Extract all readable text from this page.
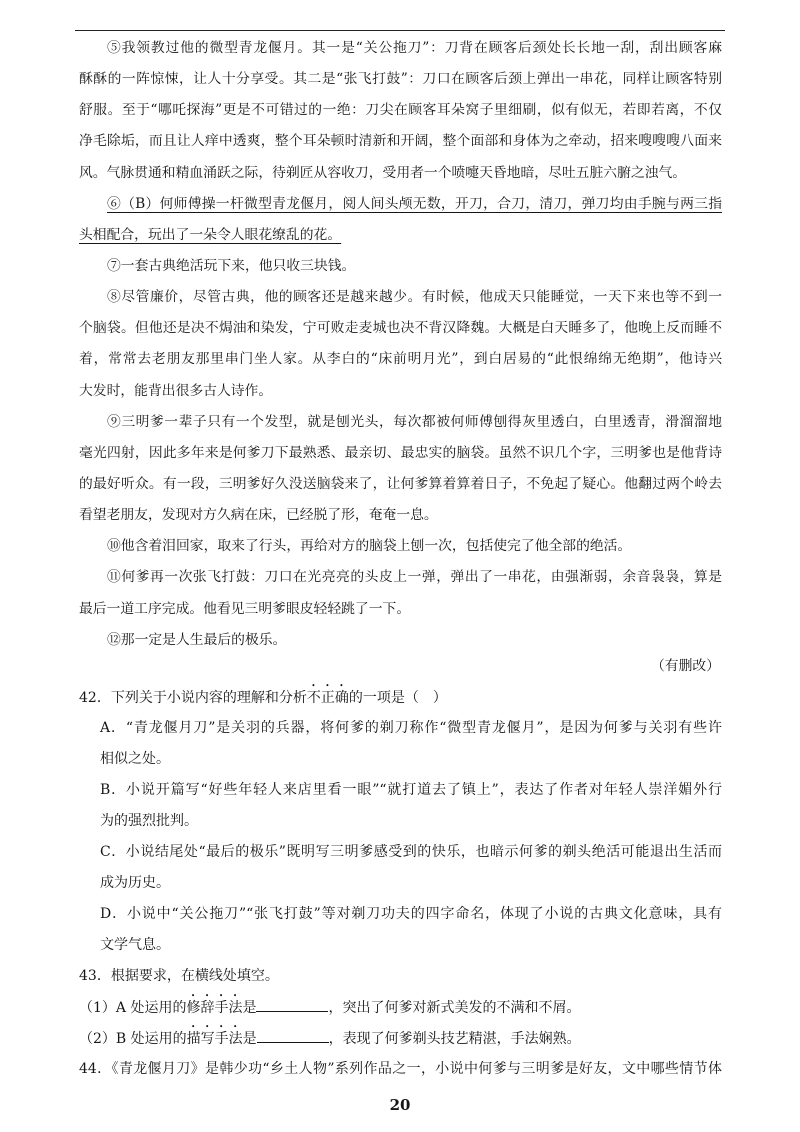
⑤我领教过他的微型青龙偃月。其一是“关公拖刀”：刀背在顾客后颈处长长地一刮，刮出顾客麻
酥酥的一阵惊悚，让人十分享受。其二是“张飞打鼓”：刀口在顾客后颈上弹出一串花，同样让顾客特别
舒服。至于“哪吒探海”更是不可错过的一绝：刀尖在顾客耳朵窝子里细刷，似有似无，若即若离，不仅
净毛除垢，而且让人痒中透爽，整个耳朵顿时清新和开阔，整个面部和身体为之牵动，招来嗖嗖嗖八面来
风。气脉贯通和精血涌跃之际，待剃匠从容收刀，受用者一个喷嚏天昏地暗，尽吐五脏六腑之浊气。
⑥（B）何师傅操一杆微型青龙偃月，阅人间头颅无数，开刀，合刀，清刀，弹刀均由手腕与两三指
头相配合，玩出了一朵令人眼花缭乱的花。
⑦一套古典绝活玩下来，他只收三块钱。
⑧尽管廉价，尽管古典，他的顾客还是越来越少。有时候，他成天只能睡觉，一天下来也等不到一
个脑袋。但他还是决不焗油和染发，宁可败走麦城也决不背汉降魏。大概是白天睡多了，他晚上反而睡不
着，常常去老朋友那里串门坐人家。从李白的“床前明月光”，到白居易的“此恨绵绵无绝期”，他诗兴
大发时，能背出很多古人诗作。
⑨三明爹一辈子只有一个发型，就是刨光头，每次都被何师傅刨得灰里透白，白里透青，滑溜溜地
毫光四射，因此多年来是何爹刀下最熟悉、最亲切、最忠实的脑袋。虽然不识几个字，三明爹也是他背诗
的最好听众。有一段，三明爹好久没送脑袋来了，让何爹算着算着日子，不免起了疑心。他翻过两个岭去
看望老朋友，发现对方久病在床，已经脱了形，奄奄一息。
⑩他含着泪回家，取来了行头，再给对方的脑袋上刨一次，包括使完了他全部的绝活。
⑪何爹再一次张飞打鼓：刀口在光亮亮的头皮上一弹，弹出了一串花，由强渐弱，余音袅袅，算是
最后一道工序完成。他看见三明爹眼皮轻轻跳了一下。
⑫那一定是人生最后的极乐。
（有删改）
42．下列关于小说内容的理解和分析不正确的一项是（　）
A．“青龙偃月刀”是关羽的兵器，将何爹的剃刀称作“微型青龙偃月”，是因为何爹与关羽有些许
相似之处。
B．小说开篇写“好些年轻人来店里看一眼”“就打道去了镇上”，表达了作者对年轻人崇洋媚外行
为的强烈批判。
C．小说结尾处“最后的极乐”既明写三明爹感受到的快乐，也暗示何爹的剃头绝活可能退出生活而
成为历史。
D．小说中“关公拖刀”“张飞打鼓”等对剃刀功夫的四字命名，体现了小说的古典文化意味，具有
文学气息。
43．根据要求，在横线处填空。
（1）A 处运用的修辞手法是	，突出了何爹对新式美发的不满和不屑。
（2）B 处运用的描写手法是	，表现了何爹剃头技艺精湛，手法娴熟。
44．《青龙偃月刀》是韩少功“乡土人物”系列作品之一，小说中何爹与三明爹是好友，文中哪些情节体
20
